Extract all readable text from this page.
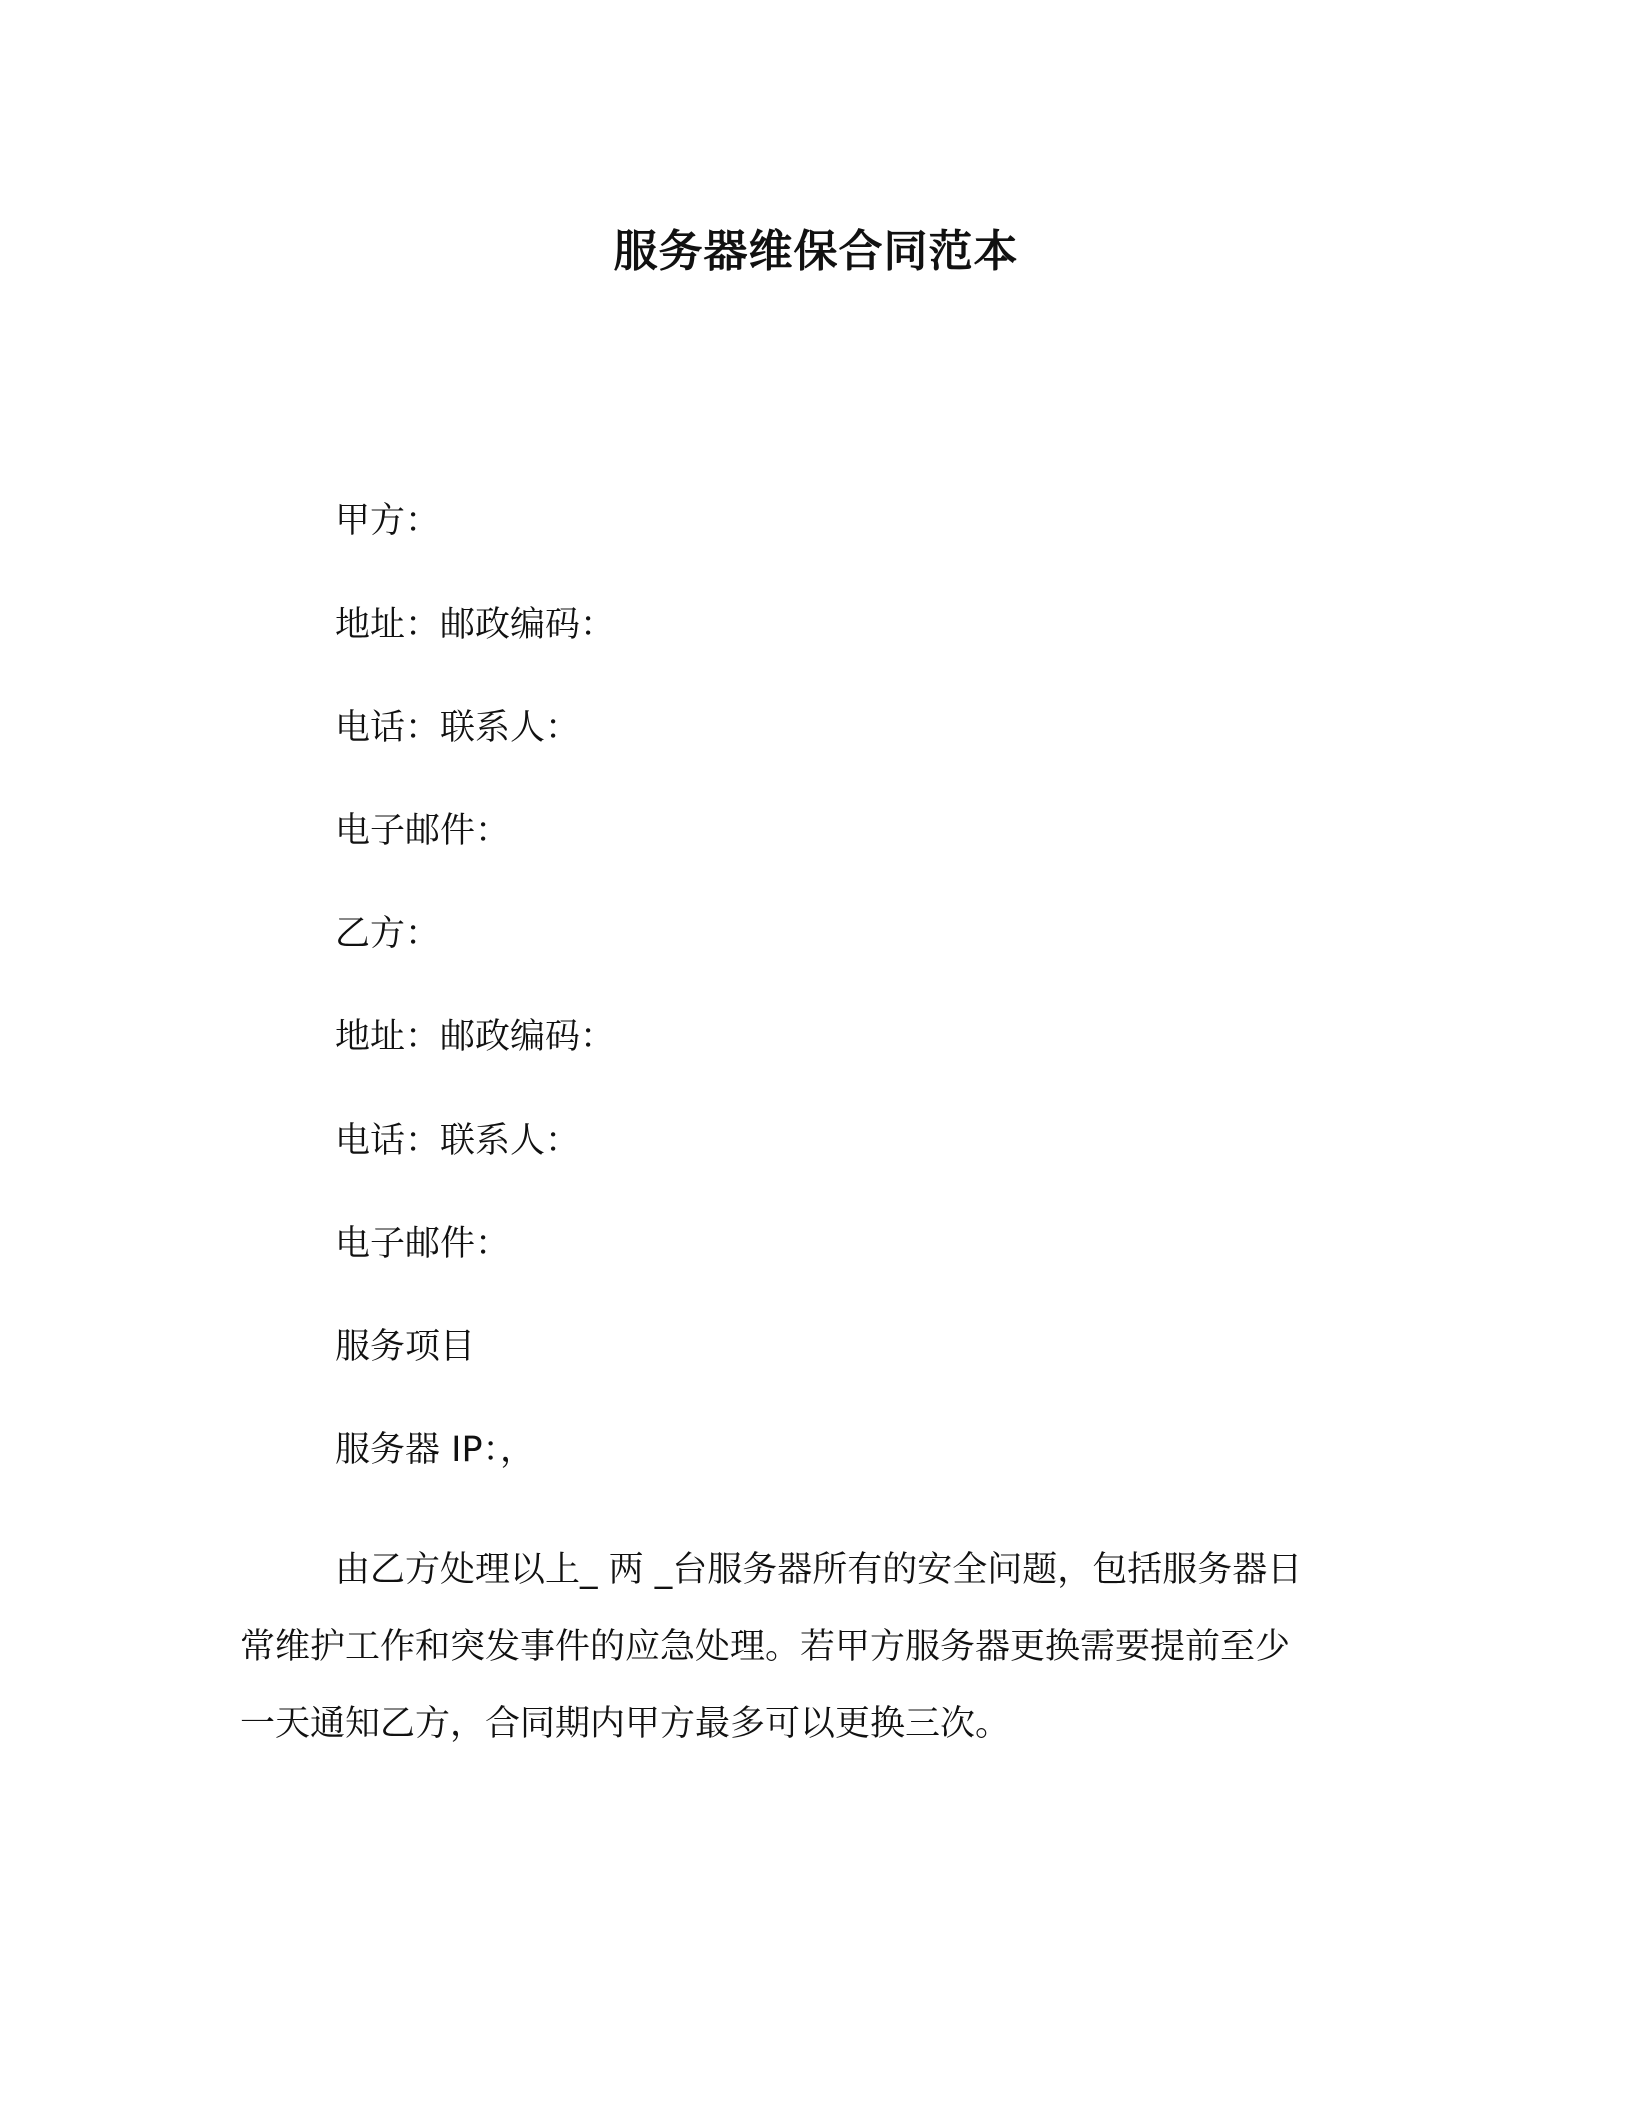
服务器维保合同范本
甲方：
地址：邮政编码：
电话：联系人：
电子邮件：
乙方：
地址：邮政编码：
电话：联系人：
电子邮件：
服务项目
服务器 IP：，
由乙方处理以上_ 两 _台服务器所有的安全问题，包括服务器日
常维护工作和突发事件的应急处理。若甲方服务器更换需要提前至少
一天通知乙方，合同期内甲方最多可以更换三次。
